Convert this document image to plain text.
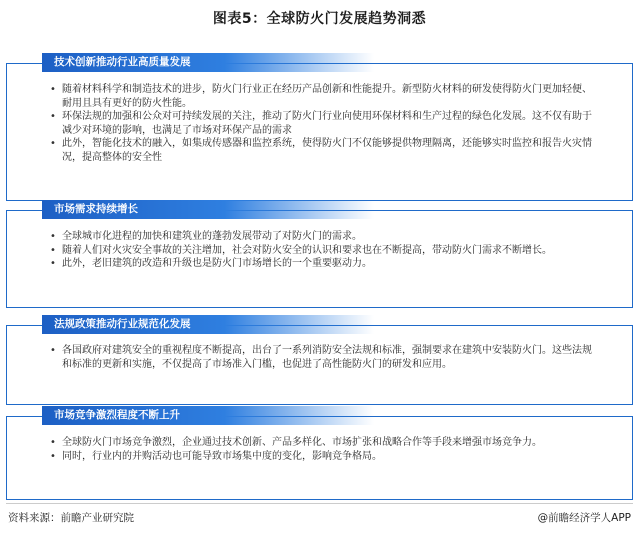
图表5：全球防火门发展趋势洞悉
技术创新推动行业高质量发展
• 随着材料科学和制造技术的进步，防火门行业正在经历产品创新和性能提升。新型防火材料的研发使得防火门更加轻便、耐用且具有更好的防火性能。
• 环保法规的加强和公众对可持续发展的关注，推动了防火门行业向使用环保材料和生产过程的绿色化发展。这不仅有助于减少对环境的影响，也满足了市场对环保产品的需求
• 此外，智能化技术的融入，如集成传感器和监控系统，使得防火门不仅能够提供物理隔离，还能够实时监控和报告火灾情况，提高整体的安全性
市场需求持续增长
• 全球城市化进程的加快和建筑业的蓬勃发展带动了对防火门的需求。
• 随着人们对火灾安全事故的关注增加，社会对防火安全的认识和要求也在不断提高，带动防火门需求不断增长。
• 此外，老旧建筑的改造和升级也是防火门市场增长的一个重要驱动力。
法规政策推动行业规范化发展
• 各国政府对建筑安全的重视程度不断提高，出台了一系列消防安全法规和标准，强制要求在建筑中安装防火门。这些法规和标准的更新和实施，不仅提高了市场准入门槛，也促进了高性能防火门的研发和应用。
市场竞争激烈程度不断上升
• 全球防火门市场竞争激烈，企业通过技术创新、产品多样化、市场扩张和战略合作等手段来增强市场竞争力。
• 同时，行业内的并购活动也可能导致市场集中度的变化，影响竞争格局。
资料来源：前瞻产业研究院	@前瞻经济学人APP
